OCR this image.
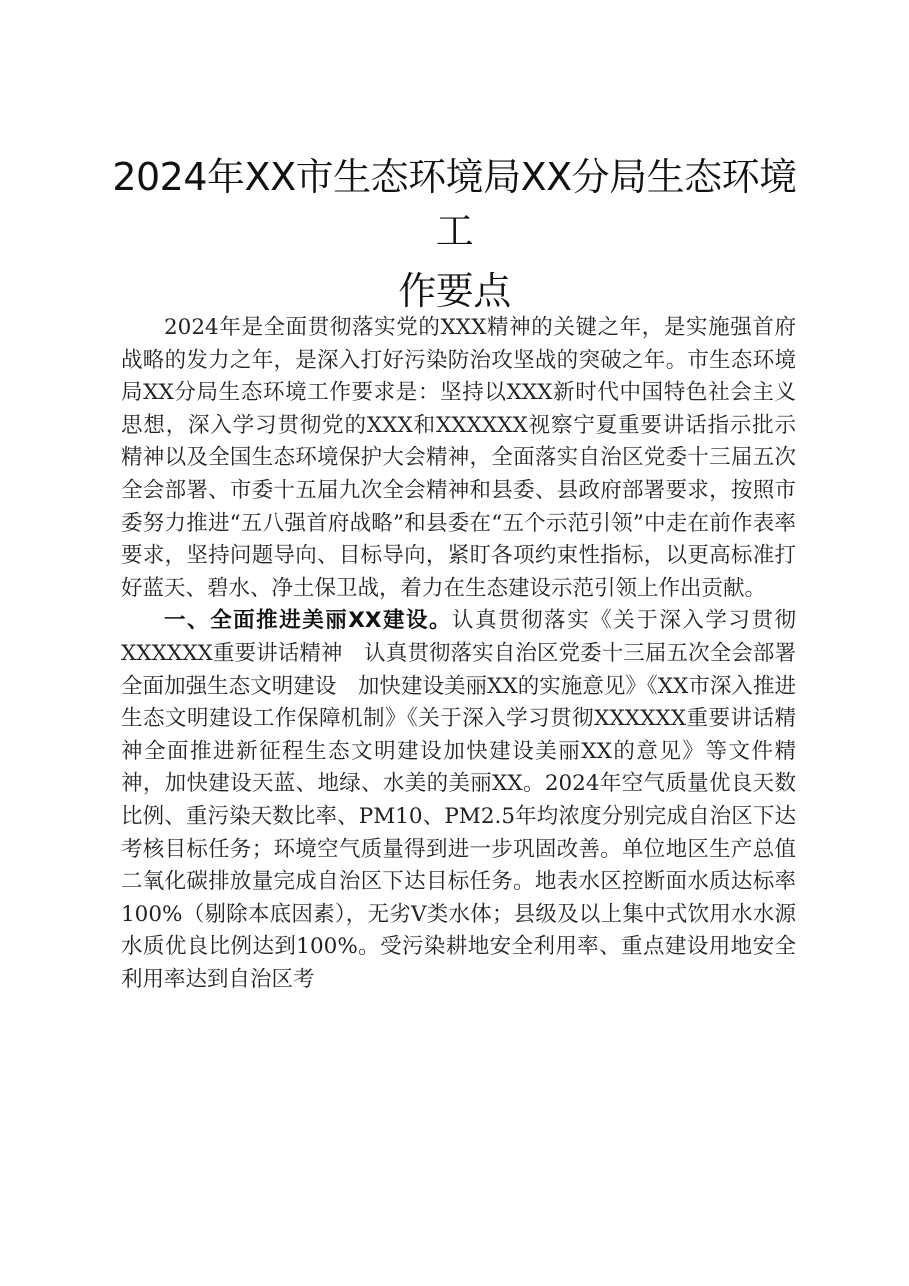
2024年XX市生态环境局XX分局生态环境工
作要点

2024年是全面贯彻落实党的XXX精神的关键之年，是实施强首府战略的发力之年，是深入打好污染防治攻坚战的突破之年。市生态环境局XX分局生态环境工作要求是：坚持以XXX新时代中国特色社会主义思想，深入学习贯彻党的XXX和XXXXXX视察宁夏重要讲话指示批示精神以及全国生态环境保护大会精神，全面落实自治区党委十三届五次全会部署、市委十五届九次全会精神和县委、县政府部署要求，按照市委努力推进“五八强首府战略”和县委在“五个示范引领”中走在前作表率要求，坚持问题导向、目标导向，紧盯各项约束性指标，以更高标准打好蓝天、碧水、净土保卫战，着力在生态建设示范引领上作出贡献。

一、全面推进美丽XX建设。认真贯彻落实《关于深入学习贯彻XXXXXX重要讲话精神　认真贯彻落实自治区党委十三届五次全会部署　全面加强生态文明建设　加快建设美丽XX的实施意见》《XX市深入推进生态文明建设工作保障机制》《关于深入学习贯彻XXXXXX重要讲话精神全面推进新征程生态文明建设加快建设美丽XX的意见》等文件精神，加快建设天蓝、地绿、水美的美丽XX。2024年空气质量优良天数比例、重污染天数比率、PM10、PM2.5年均浓度分别完成自治区下达考核目标任务；环境空气质量得到进一步巩固改善。单位地区生产总值二氧化碳排放量完成自治区下达目标任务。地表水区控断面水质达标率100%（剔除本底因素），无劣V类水体；县级及以上集中式饮用水水源水质优良比例达到100%。受污染耕地安全利用率、重点建设用地安全利用率达到自治区考
